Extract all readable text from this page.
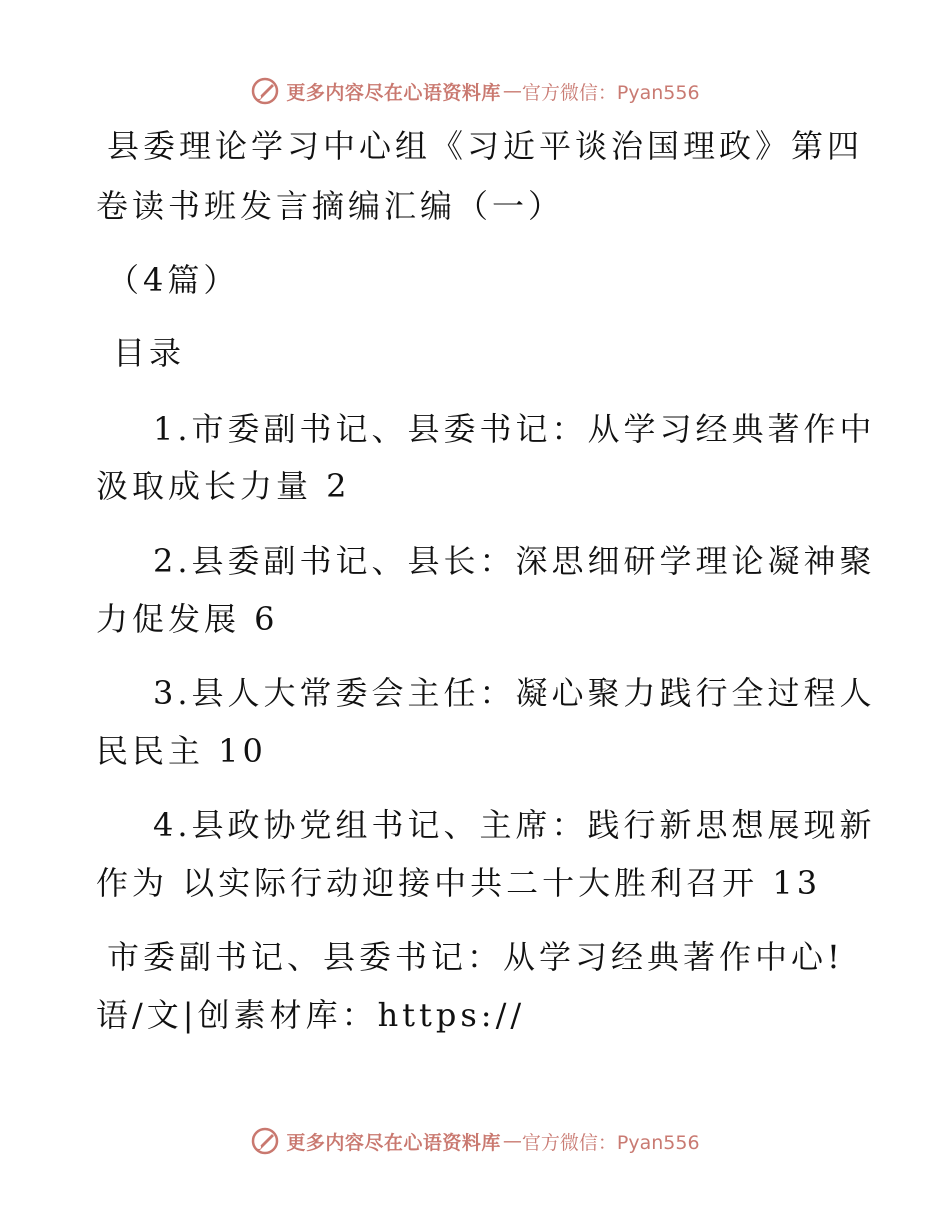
更多内容尽在心语资料库 — 官方微信：Pyan556
县委理论学习中心组《习近平谈治国理政》第四
卷读书班发言摘编汇编（一）
（4篇）
目录
1.市委副书记、县委书记：从学习经典著作中
汲取成长力量 2
2.县委副书记、县长：深思细研学理论凝神聚
力促发展 6
3.县人大常委会主任：凝心聚力践行全过程人
民民主 10
4.县政协党组书记、主席：践行新思想展现新
作为 以实际行动迎接中共二十大胜利召开 13
市委副书记、县委书记：从学习经典著作中心!
语/文|创素材库：https://
更多内容尽在心语资料库 — 官方微信：Pyan556
